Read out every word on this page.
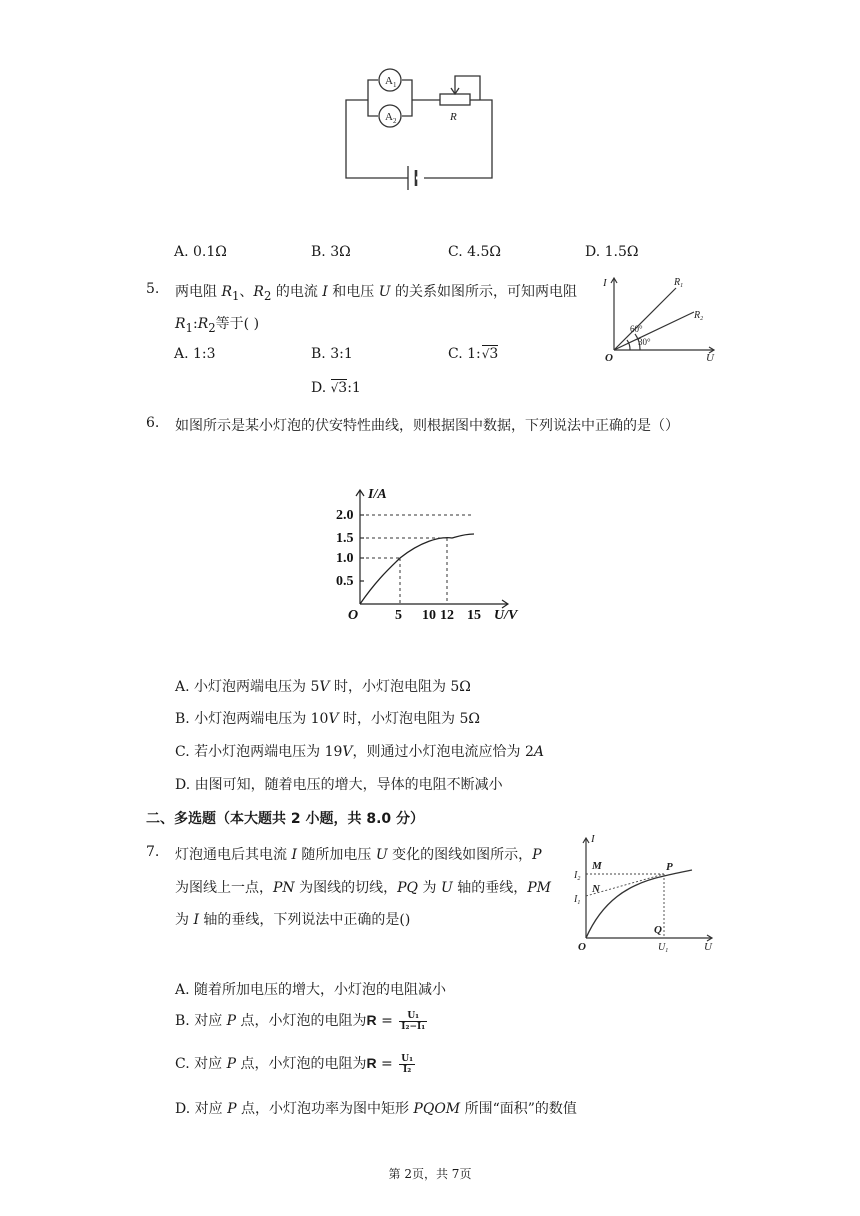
$A_1$
$A_2$	R
A. 0.1Ω	B. 3Ω	C. 4.5Ω	D. 1.5Ω
5. 两电阻 $R_1$、$R_2$ 的电流 I 和电压 U 的关系如图所示，可知两电阻
$R_1:R_2$等于( )
A. 1:3	B. 3:1	C. 1:√3
D. √3:1
I
O	U
$R_1$
$R_2$
60°
30°
6. 如图所示是某小灯泡的伏安特性曲线，则根据图中数据，下列说法中正确的是（）
I/A
2.0
1.5
1.0
0.5
O	5 10 12 15 U/V
A. 小灯泡两端电压为 5V 时，小灯泡电阻为 5Ω
B. 小灯泡两端电压为 10V 时，小灯泡电阻为 5Ω
C. 若小灯泡两端电压为 19V，则通过小灯泡电流应恰为 2A
D. 由图可知，随着电压的增大，导体的电阻不断减小
二、多选题（本大题共 2 小题，共 8.0 分）
7. 灯泡通电后其电流 I 随所加电压 U 变化的图线如图所示，P
为图线上一点，PN 为图线的切线，PQ 为 U 轴的垂线，PM
为 I 轴的垂线，下列说法中正确的是()
I
M	P
N
$I_2$
$I_1$
Q
O	$U_1$	U
A. 随着所加电压的增大，小灯泡的电阻减小
B. 对应 P 点，小灯泡的电阻为$R = \frac{\text{U₁}}{\text{I₂−I₁}}$
C. 对应 P 点，小灯泡的电阻为$R = \frac{\text{U₁}}{\text{I₂}}$
D. 对应 P 点，小灯泡功率为图中矩形 PQOM 所围“面积”的数值
第 2页，共 7页
